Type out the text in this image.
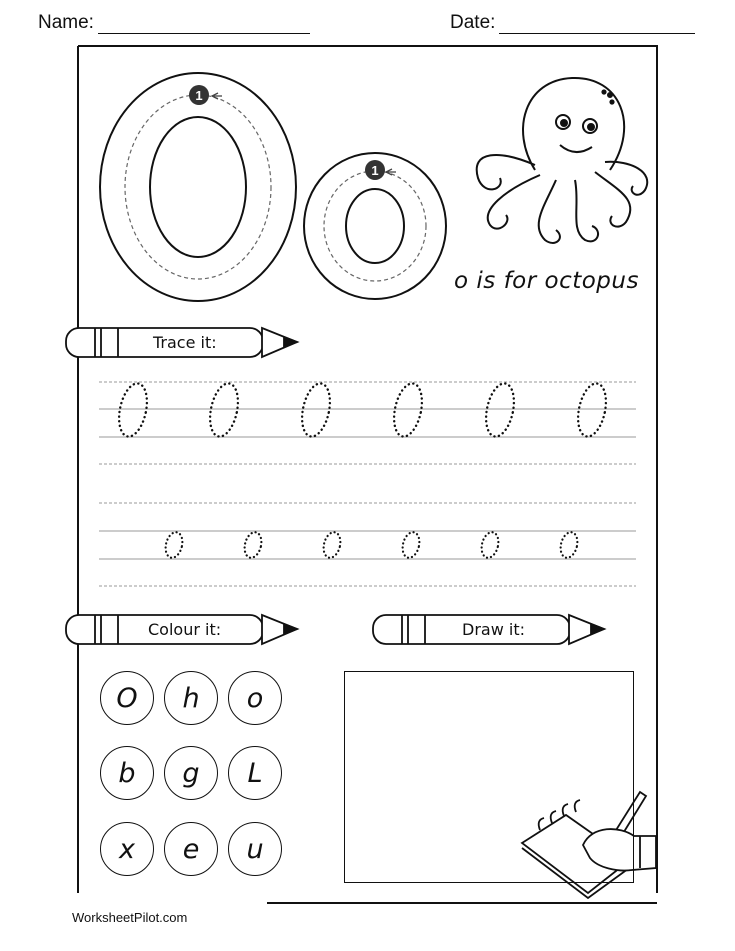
Name:	Date:
1
1
o is for octopus
Trace it:
Colour it:	Draw it:
O	h	o
b	g	L
x	e	u
WorksheetPilot.com
